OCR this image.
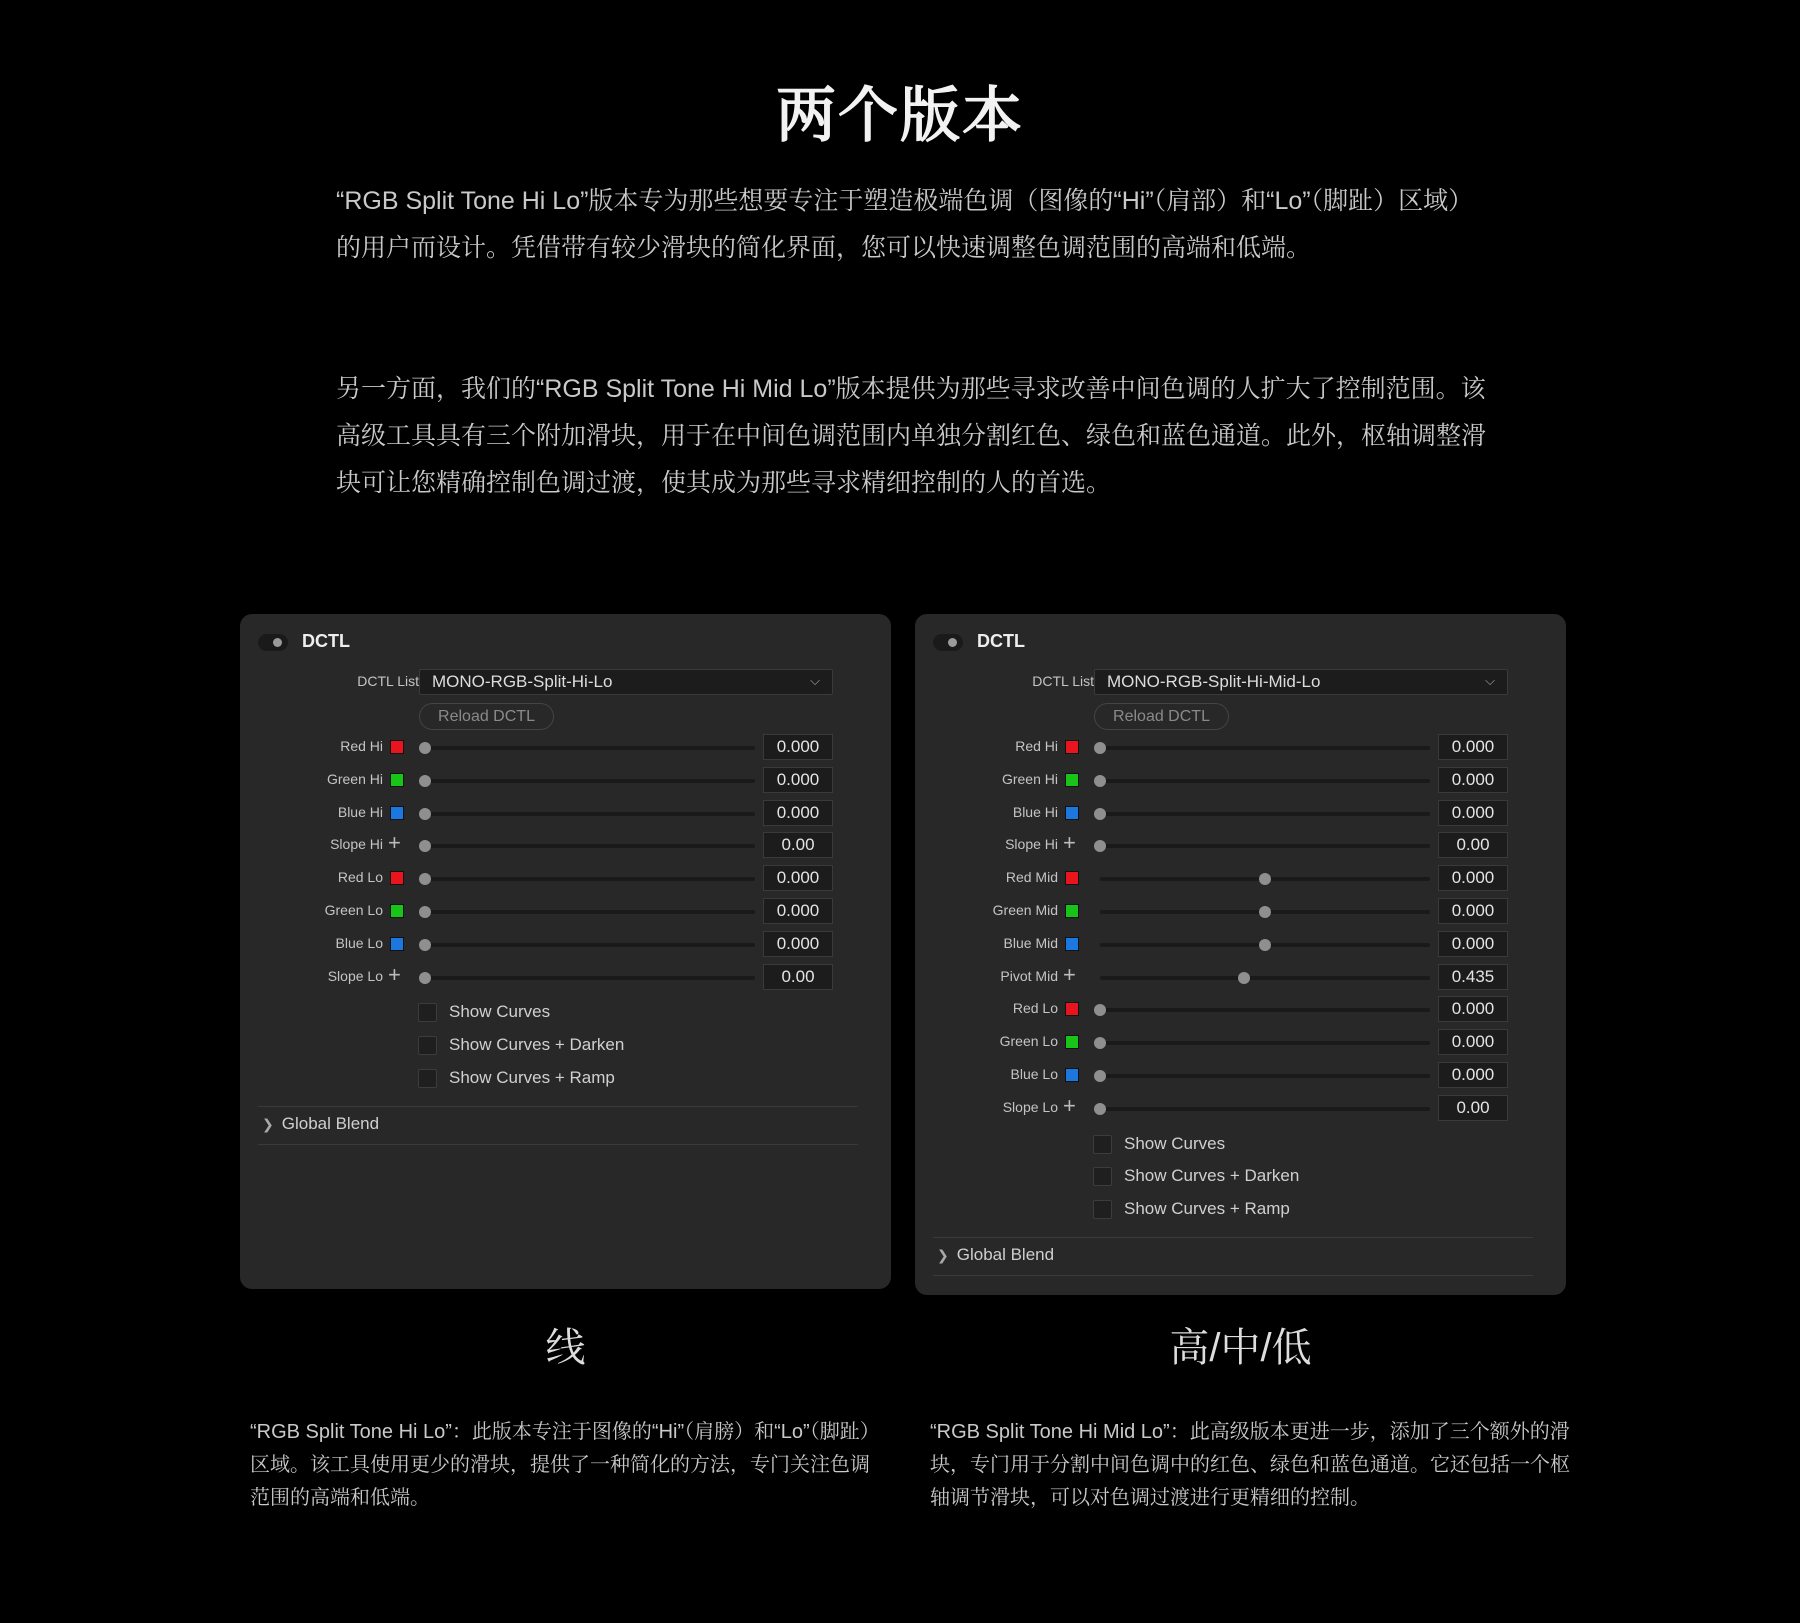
两个版本

“RGB Split Tone Hi Lo”版本专为那些想要专注于塑造极端色调（图像的“Hi”（肩部）和“Lo”（脚趾）区域）的用户而设计。凭借带有较少滑块的简化界面，您可以快速调整色调范围的高端和低端。

另一方面，我们的“RGB Split Tone Hi Mid Lo”版本提供为那些寻求改善中间色调的人扩大了控制范围。该高级工具具有三个附加滑块，用于在中间色调范围内单独分割红色、绿色和蓝色通道。此外，枢轴调整滑块可让您精确控制色调过渡，使其成为那些寻求精细控制的人的首选。

DCTL
DCTL List MONO-RGB-Split-Hi-Lo	⌵
Reload DCTL
Red Hi	0.000
Green Hi	0.000
Blue Hi	0.000
Slope Hi +	0.00
Red Lo	0.000
Green Lo	0.000
Blue Lo	0.000
Slope Lo +	0.00
Show Curves
Show Curves + Darken
Show Curves + Ramp
❯ Global Blend
DCTL
DCTL List MONO-RGB-Split-Hi-Mid-Lo	⌵
Reload DCTL
Red Hi	0.000
Green Hi	0.000
Blue Hi	0.000
Slope Hi +	0.00
Red Mid	0.000
Green Mid	0.000
Blue Mid	0.000
Pivot Mid +	0.435
Red Lo	0.000
Green Lo	0.000
Blue Lo	0.000
Slope Lo +	0.00
Show Curves
Show Curves + Darken
Show Curves + Ramp
❯ Global Blend
线	高/中/低

“RGB Split Tone Hi Lo”：此版本专注于图像的“Hi”（肩膀）和“Lo”（脚趾）区域。该工具使用更少的滑块，提供了一种简化的方法，专门关注色调范围的高端和低端。

“RGB Split Tone Hi Mid Lo”：此高级版本更进一步，添加了三个额外的滑块，专门用于分割中间色调中的红色、绿色和蓝色通道。它还包括一个枢轴调节滑块，可以对色调过渡进行更精细的控制。
